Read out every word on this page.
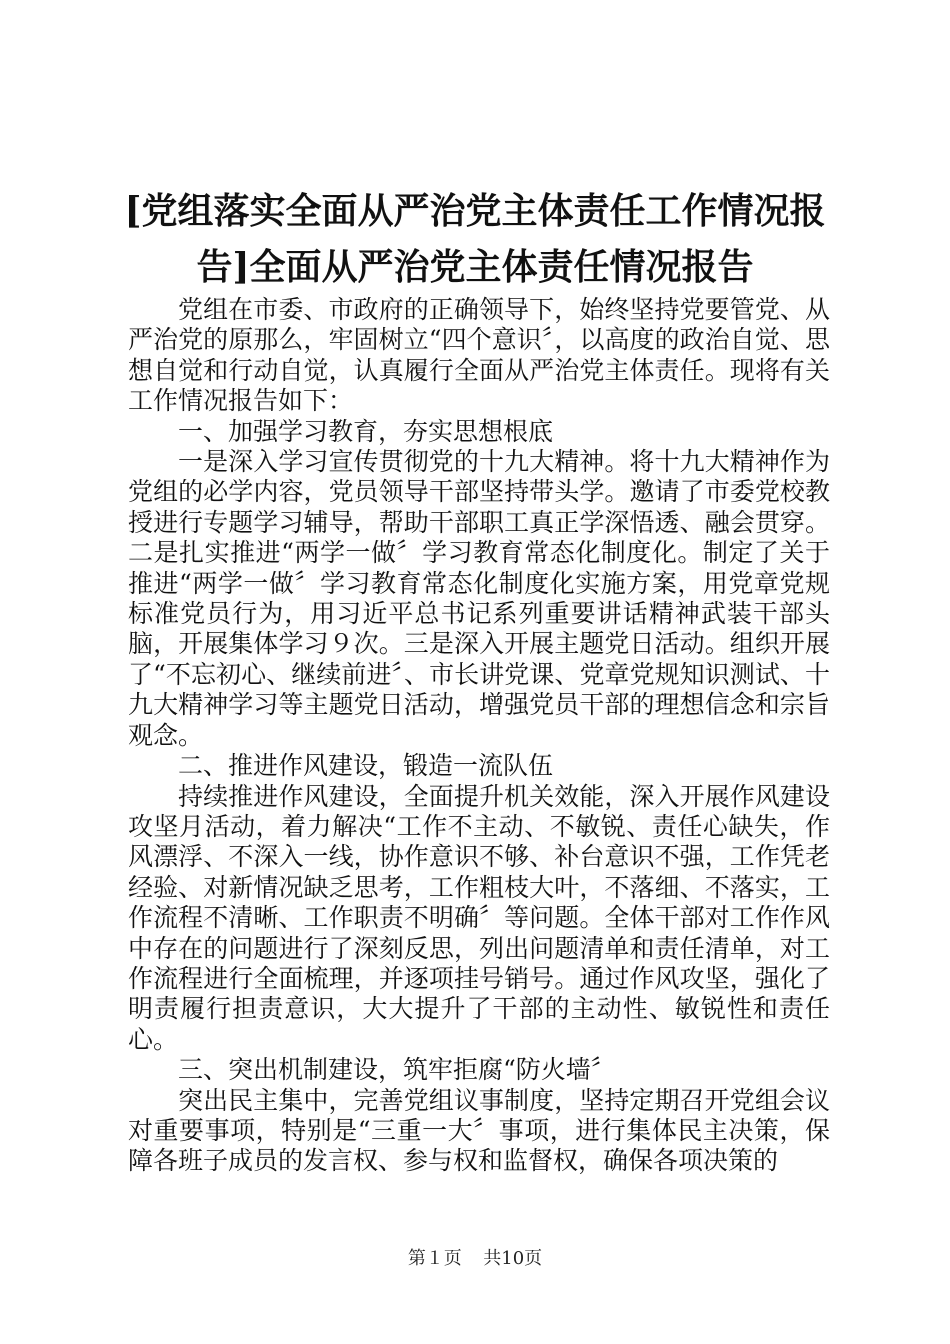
[党组落实全面从严治党主体责任工作情况报告]全面从严治党主体责任情况报告

党组在市委、市政府的正确领导下，始终坚持党要管党、从严治党的原那么，牢固树立“四个意识〞，以高度的政治自觉、思想自觉和行动自觉，认真履行全面从严治党主体责任。现将有关工作情况报告如下：

一、加强学习教育，夯实思想根底

一是深入学习宣传贯彻党的十九大精神。将十九大精神作为党组的必学内容，党员领导干部坚持带头学。邀请了市委党校教授进行专题学习辅导，帮助干部职工真正学深悟透、融会贯穿。二是扎实推进“两学一做〞学习教育常态化制度化。制定了关于推进“两学一做〞学习教育常态化制度化实施方案，用党章党规标准党员行为，用习近平总书记系列重要讲话精神武装干部头脑，开展集体学习９次。三是深入开展主题党日活动。组织开展了“不忘初心、继续前进〞、市长讲党课、党章党规知识测试、十九大精神学习等主题党日活动，增强党员干部的理想信念和宗旨观念。

二、推进作风建设，锻造一流队伍

持续推进作风建设，全面提升机关效能，深入开展作风建设攻坚月活动，着力解决“工作不主动、不敏锐、责任心缺失，作风漂浮、不深入一线，协作意识不够、补台意识不强，工作凭老经验、对新情况缺乏思考，工作粗枝大叶，不落细、不落实，工作流程不清晰、工作职责不明确〞等问题。全体干部对工作作风中存在的问题进行了深刻反思，列出问题清单和责任清单，对工作流程进行全面梳理，并逐项挂号销号。通过作风攻坚，强化了明责履行担责意识，大大提升了干部的主动性、敏锐性和责任心。

三、突出机制建设，筑牢拒腐“防火墙〞

突出民主集中，完善党组议事制度，坚持定期召开党组会议对重要事项，特别是“三重一大〞事项，进行集体民主决策，保障各班子成员的发言权、参与权和监督权，确保各项决策的

第１页 共10页
